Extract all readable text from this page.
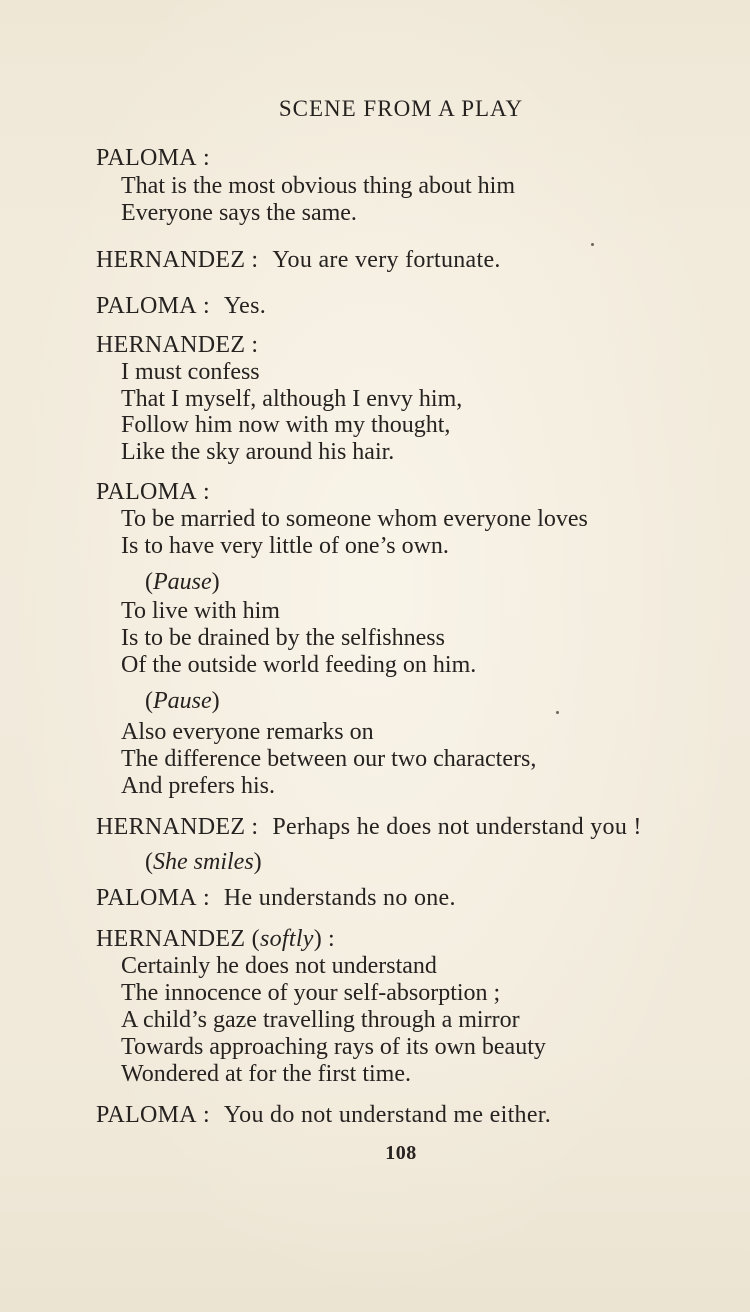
SCENE FROM A PLAY
PALOMA :
That is the most obvious thing about him
Everyone says the same.
HERNANDEZ : You are very fortunate.
PALOMA : Yes.
HERNANDEZ :
I must confess
That I myself, although I envy him,
Follow him now with my thought,
Like the sky around his hair.
PALOMA :
To be married to someone whom everyone loves
Is to have very little of one’s own.
(Pause)
To live with him
Is to be drained by the selfishness
Of the outside world feeding on him.
(Pause)
Also everyone remarks on
The difference between our two characters,
And prefers his.
HERNANDEZ : Perhaps he does not understand you !
(She smiles)
PALOMA : He understands no one.
HERNANDEZ (softly) :
Certainly he does not understand
The innocence of your self-absorption ;
A child’s gaze travelling through a mirror
Towards approaching rays of its own beauty
Wondered at for the first time.
PALOMA : You do not understand me either.
108
